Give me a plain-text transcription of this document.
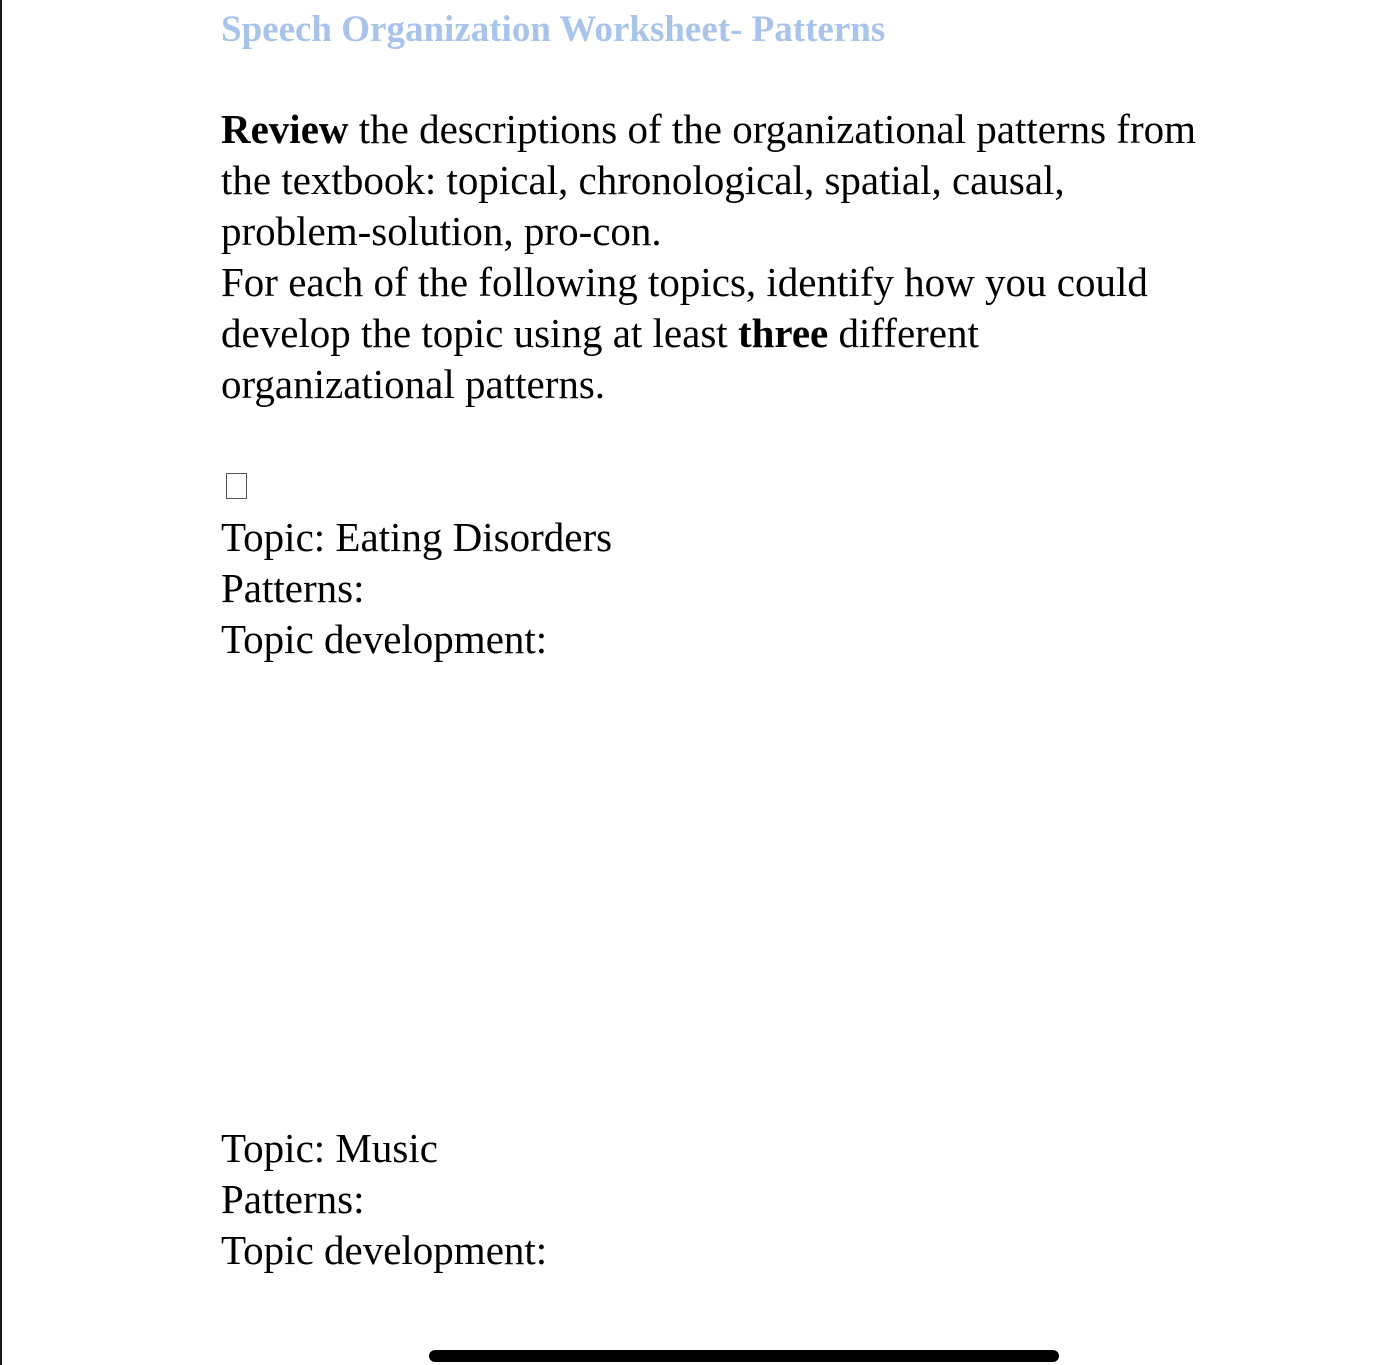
Speech Organization Worksheet- Patterns
Review the descriptions of the organizational patterns from
the textbook: topical, chronological, spatial, causal,
problem-solution, pro-con.
For each of the following topics, identify how you could
develop the topic using at least three different
organizational patterns.
Topic: Eating Disorders
Patterns:
Topic development:
Topic: Music
Patterns:
Topic development:
